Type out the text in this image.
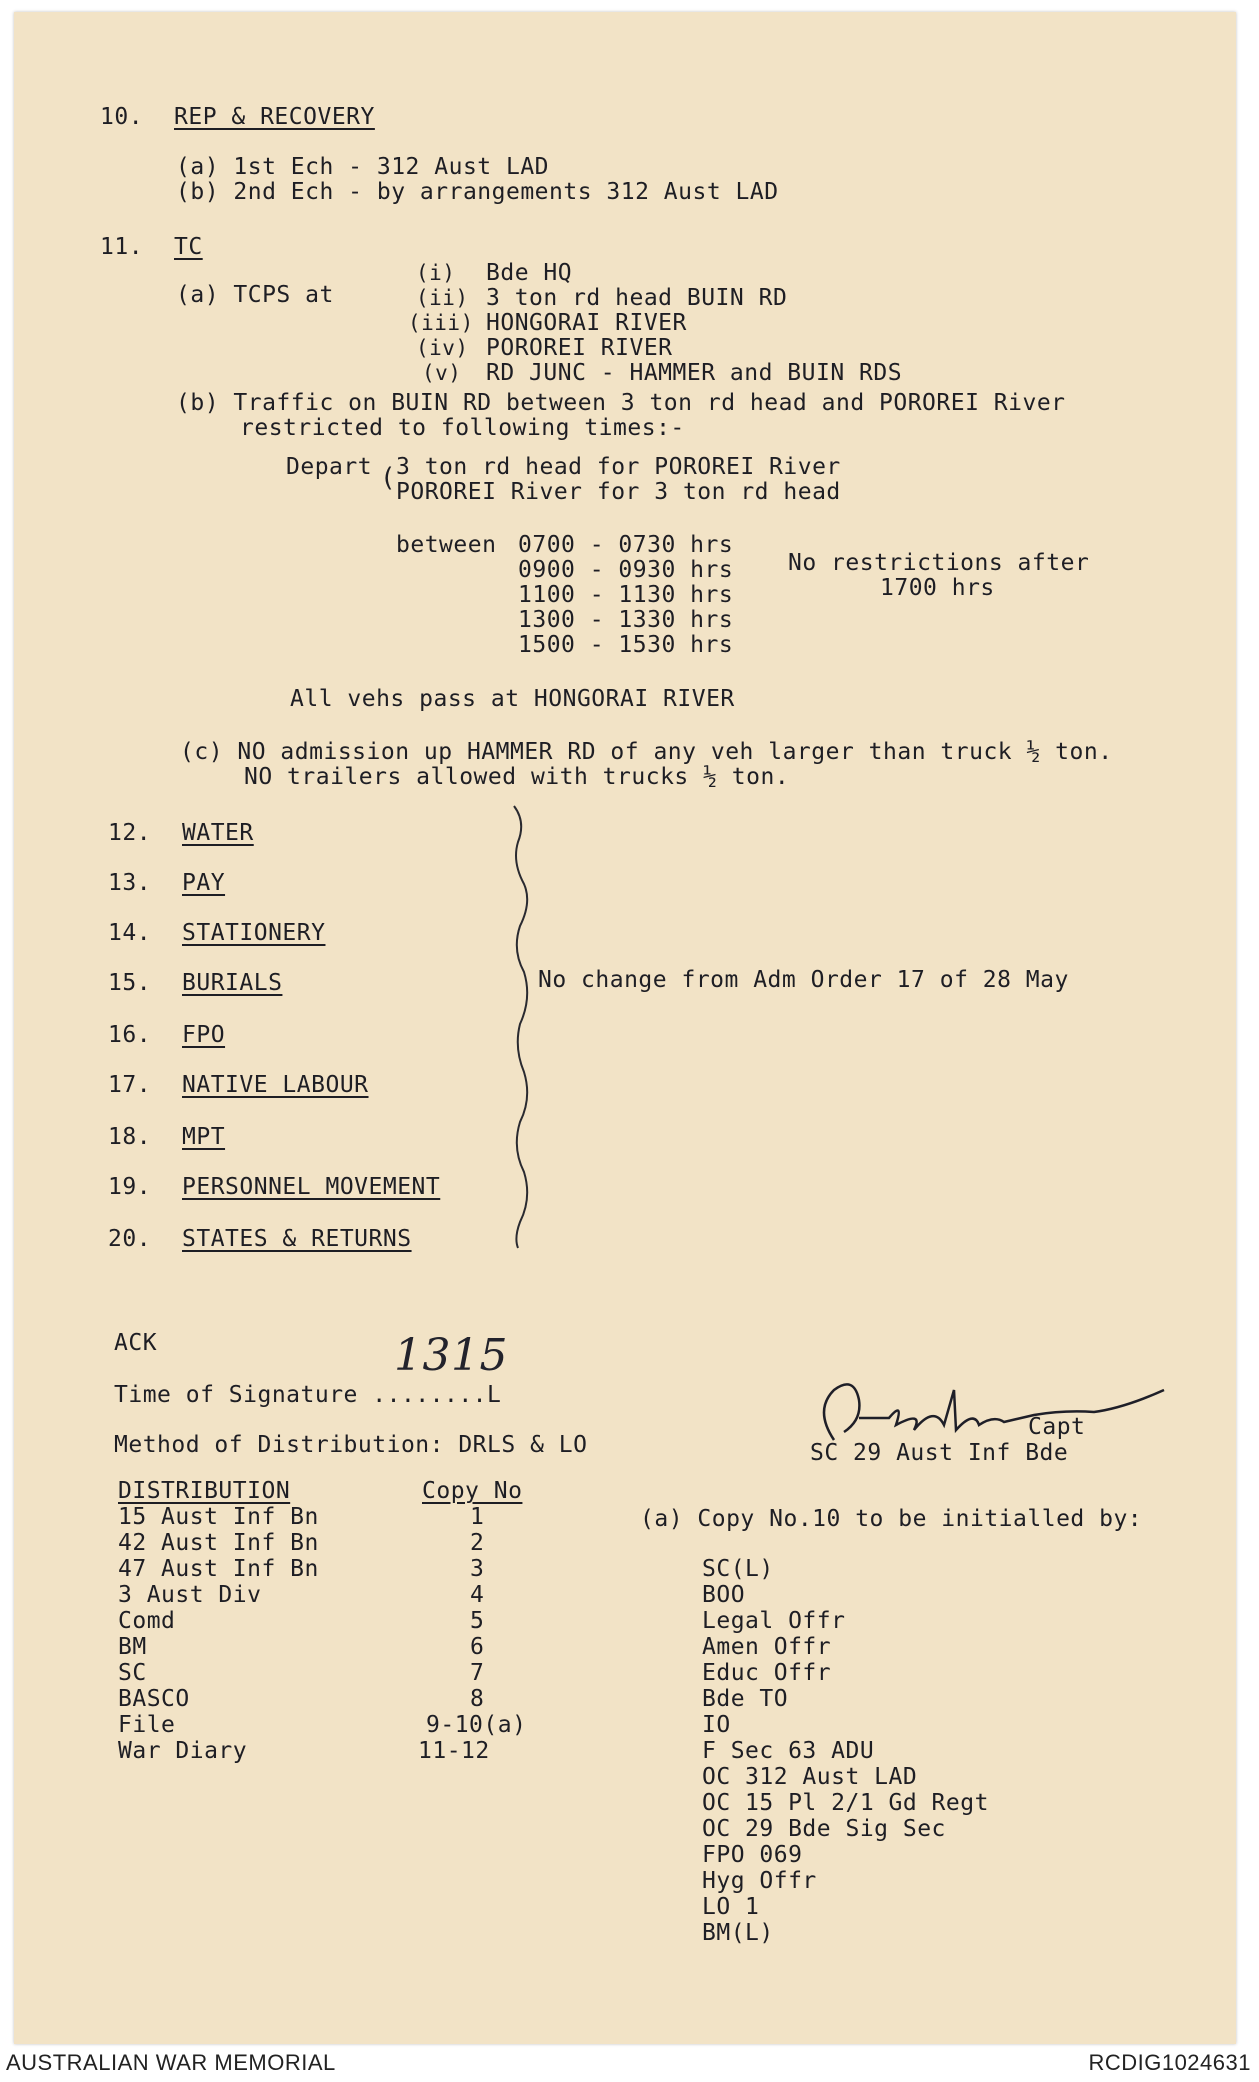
10. REP & RECOVERY
(a) 1st Ech - 312 Aust LAD
(b) 2nd Ech - by arrangements 312 Aust LAD
11. TC
(a) TCPS at
(i) Bde HQ
(ii) 3 ton rd head BUIN RD
(iii) HONGORAI RIVER
(iv) POROREI RIVER
(v) RD JUNC - HAMMER and BUIN RDS
(b) Traffic on BUIN RD between 3 ton rd head and POROREI River
restricted to following times:-
Depart ( 3 ton rd head for POROREI River
POROREI River for 3 ton rd head
between 0700 - 0730 hrs
0900 - 0930 hrs
1100 - 1130 hrs
1300 - 1330 hrs
1500 - 1530 hrs
No restrictions after
1700 hrs
All vehs pass at HONGORAI RIVER
(c) NO admission up HAMMER RD of any veh larger than truck ½ ton.
NO trailers allowed with trucks ½ ton.
12. WATER
13. PAY
14. STATIONERY
15. BURIALS
16. FPO
17. NATIVE LABOUR
18. MPT
19. PERSONNEL MOVEMENT
20. STATES & RETURNS
No change from Adm Order 17 of 28 May
ACK
Time of Signature ........L
1315
Method of Distribution: DRLS & LO
Capt
SC 29 Aust Inf Bde
DISTRIBUTION	Copy No
15 Aust Inf Bn	1
42 Aust Inf Bn	2
47 Aust Inf Bn	3
3 Aust Div	4
Comd	5
BM	6
SC	7
BASCO	8
File	9-10(a)
War Diary	11-12
(a) Copy No.10 to be initialled by:
SC(L)
BOO
Legal Offr
Amen Offr
Educ Offr
Bde TO
IO
F Sec 63 ADU
OC 312 Aust LAD
OC 15 Pl 2/1 Gd Regt
OC 29 Bde Sig Sec
FPO 069
Hyg Offr
LO 1
BM(L)
AUSTRALIAN WAR MEMORIAL	RCDIG1024631
